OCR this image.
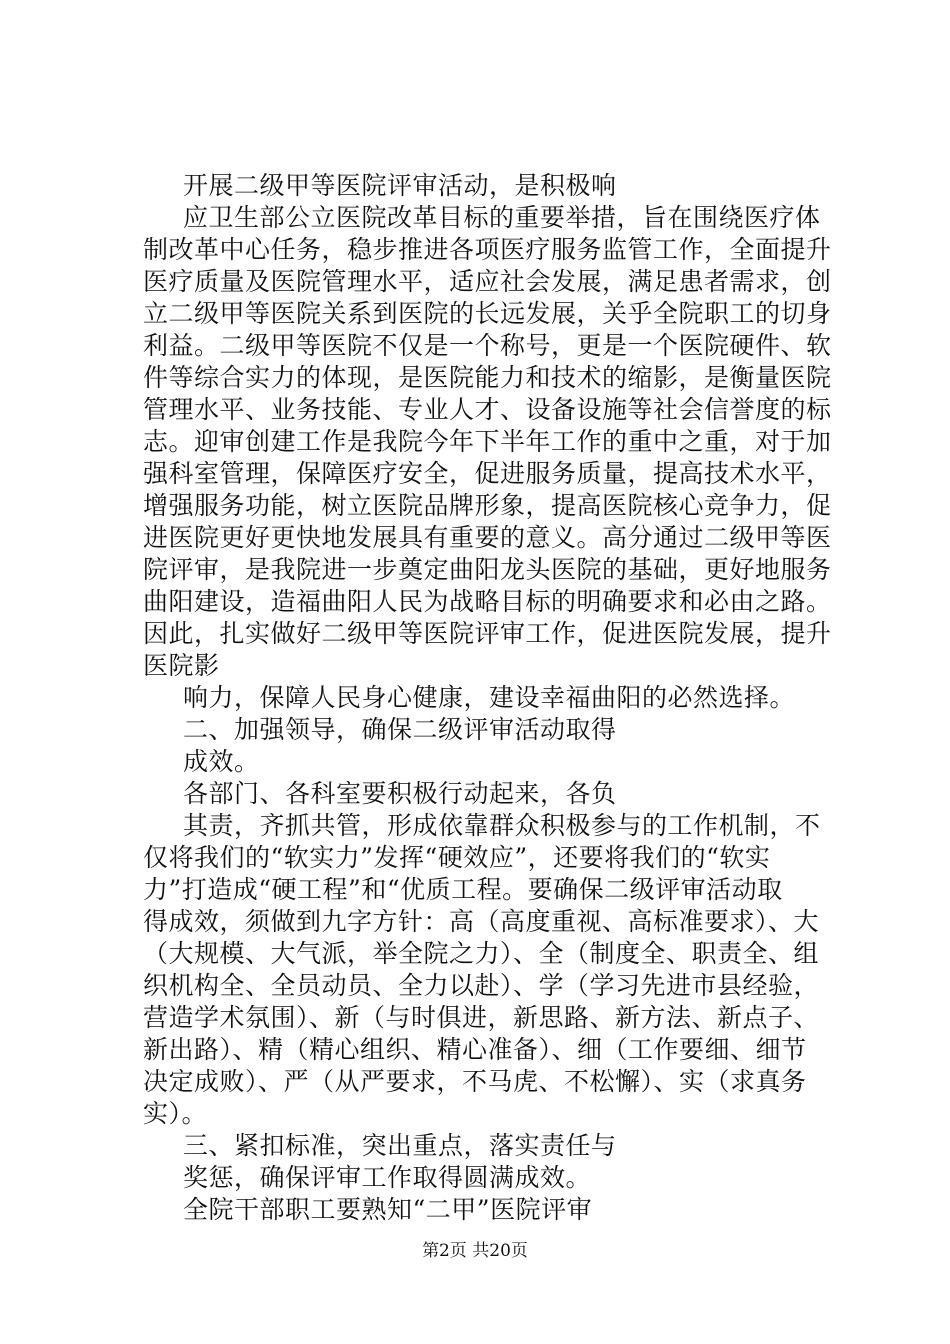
开展二级甲等医院评审活动，是积极响
应卫生部公立医院改革目标的重要举措，旨在围绕医疗体
制改革中心任务，稳步推进各项医疗服务监管工作，全面提升
医疗质量及医院管理水平，适应社会发展，满足患者需求，创
立二级甲等医院关系到医院的长远发展，关乎全院职工的切身
利益。二级甲等医院不仅是一个称号，更是一个医院硬件、软
件等综合实力的体现，是医院能力和技术的缩影，是衡量医院
管理水平、业务技能、专业人才、设备设施等社会信誉度的标
志。迎审创建工作是我院今年下半年工作的重中之重，对于加
强科室管理，保障医疗安全，促进服务质量，提高技术水平，
增强服务功能，树立医院品牌形象，提高医院核心竞争力，促
进医院更好更快地发展具有重要的意义。高分通过二级甲等医
院评审，是我院进一步奠定曲阳龙头医院的基础，更好地服务
曲阳建设，造福曲阳人民为战略目标的明确要求和必由之路。
因此，扎实做好二级甲等医院评审工作，促进医院发展，提升
医院影
响力，保障人民身心健康，建设幸福曲阳的必然选择。
二、加强领导，确保二级评审活动取得
成效。
各部门、各科室要积极行动起来，各负
其责，齐抓共管，形成依靠群众积极参与的工作机制，不
仅将我们的“软实力”发挥“硬效应”，还要将我们的“软实
力”打造成“硬工程”和“优质工程。要确保二级评审活动取
得成效，须做到九字方针：高（高度重视、高标准要求）、大
（大规模、大气派，举全院之力）、全（制度全、职责全、组
织机构全、全员动员、全力以赴）、学（学习先进市县经验，
营造学术氛围）、新（与时俱进，新思路、新方法、新点子、
新出路）、精（精心组织、精心准备）、细（工作要细、细节
决定成败）、严（从严要求，不马虎、不松懈）、实（求真务
实）。
三、紧扣标准，突出重点，落实责任与
奖惩，确保评审工作取得圆满成效。
全院干部职工要熟知“二甲”医院评审
第2页 共20页
